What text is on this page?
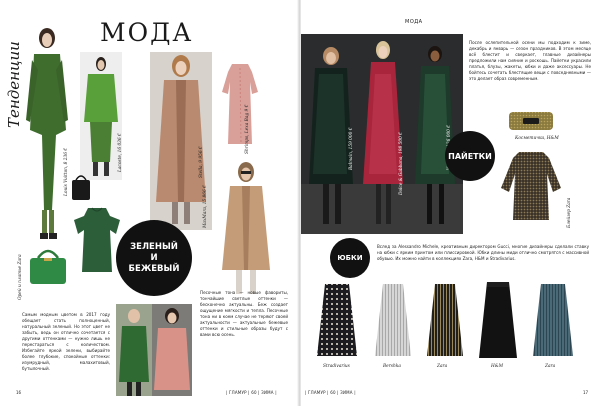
МОДА
Тенденции
Louis Vuitton, 8 236 €	Lacoste, 16 036 €
Орей и платье Zara
Stella, 9 956 €
Shrimps, Lexa Bag 9 €
MaxMara, 15 866 €
ЗЕЛЕНЫЙ
И
БЕЖЕВЫЙ

Самым модным цветом в 2017 году обещает стать полноценный, натуральный зеленый. Но этот цвет не забыть, ведь он отлично сочетается с другими оттенками — нужно лишь не перестараться с количеством. Избегайте яркой зелени, выбирайте более глубокие, спокойные оттенки: изумрудный, малахитовый, бутылочный.

Песочные тона — новые фавориты, тончайшие светлые оттенки — бесконечно актуальны. Беж создает ощущение мягкости и тепла. Песочные тона ни в коем случае не теряют своей актуальности — актуальные бежевые оттенки и стильные образы будут с вами всю осень.

16	| ГЛАМУР | 60 | ЗИМА |
МОДА
Balmain, 159 000 €	Dolce & Gabbana, 198 500 €

После ослепительной осени мы подходим к зиме, декабрь и январь — сезон праздников. В этом месяце всё блестит и сверкает, главные дизайнеры предложили нам сияние и роскошь. Пайетки украсили платья, блузы, жакеты, юбки и даже аксессуары. Не бойтесь сочетать блестящие вещи с повседневными — это делает образ современным.

ПАЙЕТКИ
Косметичка, H&M
Блейзер Zara
ЮБКИ

Вслед за Alessandro Michele, креативным директором Gucci, многие дизайнеры сделали ставку на юбки с ярким принтом или плиссировкой. Юбки длины миди отлично смотрятся с массивной обувью. Их можно найти в коллекциях Zara, H&M и Stradivarius.

Stradivarius	Bershka	Zara	H&M	Zara
| ГЛАМУР | 60 | ЗИМА |	17
